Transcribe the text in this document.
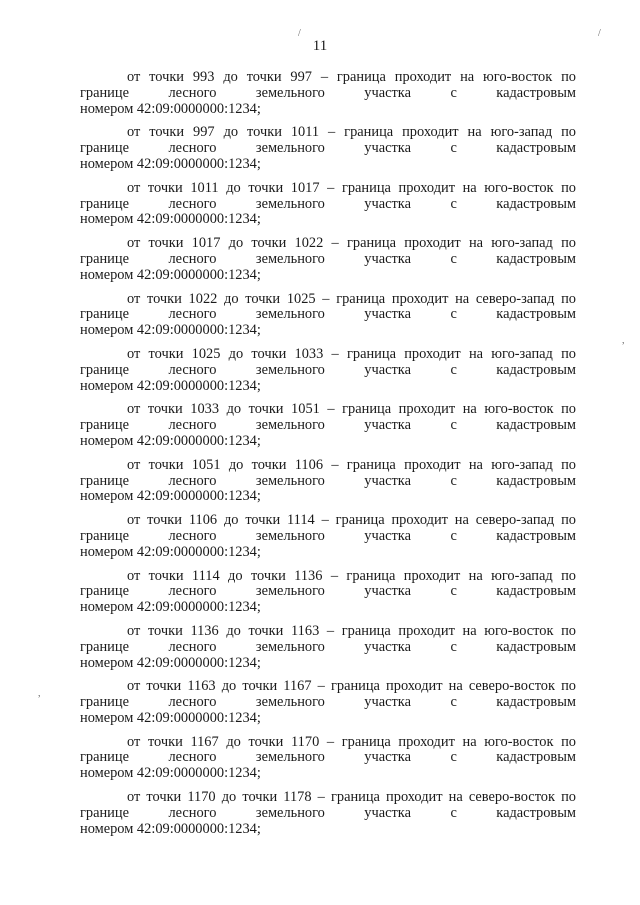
11
/	/
,
,
от точки 993 до точки 997 – граница проходит на юго-восток по
границе лесного земельного участка с кадастровым
номером 42:09:0000000:1234;
от точки 997 до точки 1011 – граница проходит на юго-запад по
границе лесного земельного участка с кадастровым
номером 42:09:0000000:1234;
от точки 1011 до точки 1017 – граница проходит на юго-восток по
границе лесного земельного участка с кадастровым
номером 42:09:0000000:1234;
от точки 1017 до точки 1022 – граница проходит на юго-запад по
границе лесного земельного участка с кадастровым
номером 42:09:0000000:1234;
от точки 1022 до точки 1025 – граница проходит на северо-запад по
границе лесного земельного участка с кадастровым
номером 42:09:0000000:1234;
от точки 1025 до точки 1033 – граница проходит на юго-запад по
границе лесного земельного участка с кадастровым
номером 42:09:0000000:1234;
от точки 1033 до точки 1051 – граница проходит на юго-восток по
границе лесного земельного участка с кадастровым
номером 42:09:0000000:1234;
от точки 1051 до точки 1106 – граница проходит на юго-запад по
границе лесного земельного участка с кадастровым
номером 42:09:0000000:1234;
от точки 1106 до точки 1114 – граница проходит на северо-запад по
границе лесного земельного участка с кадастровым
номером 42:09:0000000:1234;
от точки 1114 до точки 1136 – граница проходит на юго-запад по
границе лесного земельного участка с кадастровым
номером 42:09:0000000:1234;
от точки 1136 до точки 1163 – граница проходит на юго-восток по
границе лесного земельного участка с кадастровым
номером 42:09:0000000:1234;
от точки 1163 до точки 1167 – граница проходит на северо-восток по
границе лесного земельного участка с кадастровым
номером 42:09:0000000:1234;
от точки 1167 до точки 1170 – граница проходит на юго-восток по
границе лесного земельного участка с кадастровым
номером 42:09:0000000:1234;
от точки 1170 до точки 1178 – граница проходит на северо-восток по
границе лесного земельного участка с кадастровым
номером 42:09:0000000:1234;
